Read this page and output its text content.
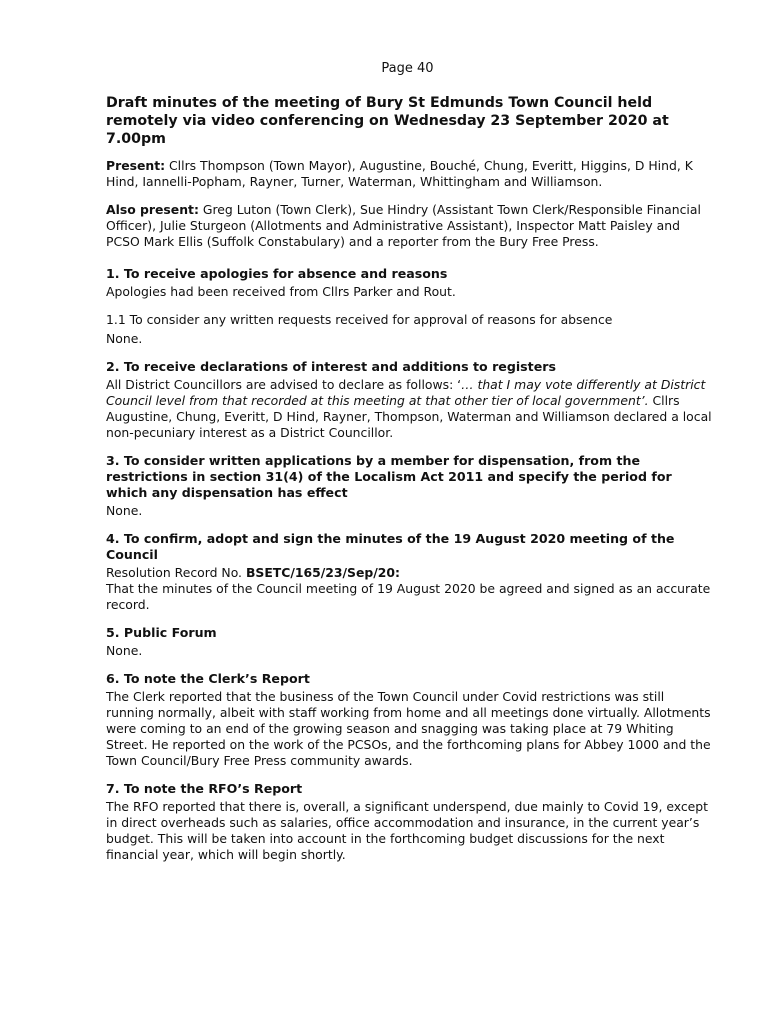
Page 40
Draft minutes of the meeting of Bury St Edmunds Town Council held remotely via video conferencing on Wednesday 23 September 2020 at 7.00pm

Present: Cllrs Thompson (Town Mayor), Augustine, Bouché, Chung, Everitt, Higgins, D Hind, K Hind, Iannelli-Popham, Rayner, Turner, Waterman, Whittingham and Williamson.

Also present: Greg Luton (Town Clerk), Sue Hindry (Assistant Town Clerk/Responsible Financial Officer), Julie Sturgeon (Allotments and Administrative Assistant), Inspector Matt Paisley and PCSO Mark Ellis (Suffolk Constabulary) and a reporter from the Bury Free Press.

1. To receive apologies for absence and reasons

Apologies had been received from Cllrs Parker and Rout.

1.1 To consider any written requests received for approval of reasons for absence

None.

2. To receive declarations of interest and additions to registers

All District Councillors are advised to declare as follows: ‘… that I may vote differently at District Council level from that recorded at this meeting at that other tier of local government’. Cllrs Augustine, Chung, Everitt, D Hind, Rayner, Thompson, Waterman and Williamson declared a local non-pecuniary interest as a District Councillor.

3. To consider written applications by a member for dispensation, from the restrictions in section 31(4) of the Localism Act 2011 and specify the period for which any dispensation has effect

None.

4. To confirm, adopt and sign the minutes of the 19 August 2020 meeting of the Council

Resolution Record No. BSETC/165/23/Sep/20:

That the minutes of the Council meeting of 19 August 2020 be agreed and signed as an accurate record.

5. Public Forum

None.

6. To note the Clerk’s Report

The Clerk reported that the business of the Town Council under Covid restrictions was still running normally, albeit with staff working from home and all meetings done virtually. Allotments were coming to an end of the growing season and snagging was taking place at 79 Whiting Street. He reported on the work of the PCSOs, and the forthcoming plans for Abbey 1000 and the Town Council/Bury Free Press community awards.

7. To note the RFO’s Report

The RFO reported that there is, overall, a significant underspend, due mainly to Covid 19, except in direct overheads such as salaries, office accommodation and insurance, in the current year’s budget. This will be taken into account in the forthcoming budget discussions for the next financial year, which will begin shortly.
